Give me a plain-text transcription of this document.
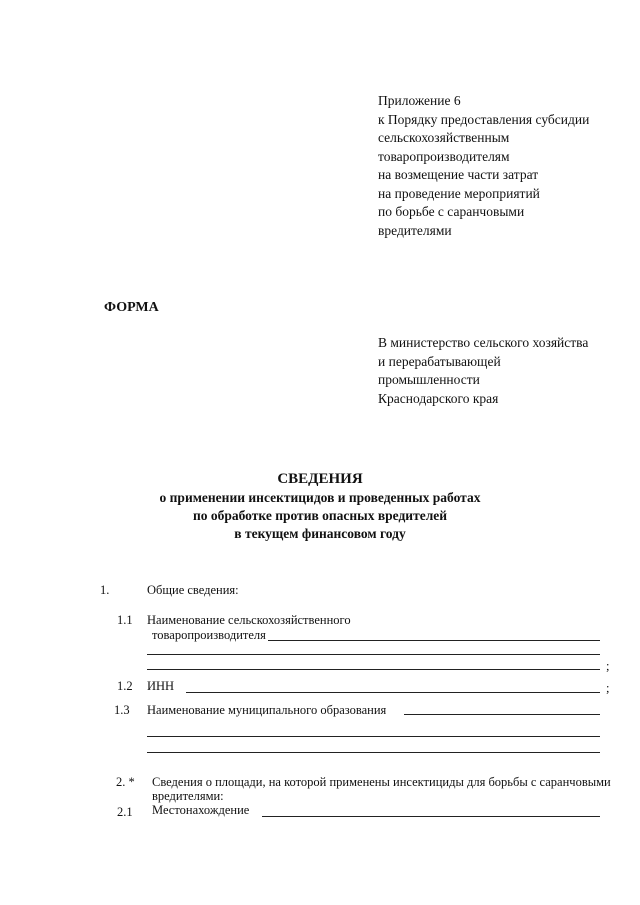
Приложение 6
к Порядку предоставления субсидии
сельскохозяйственным
товаропроизводителям
на возмещение части затрат
на проведение мероприятий
по борьбе с саранчовыми
вредителями
ФОРМА
В министерство сельского хозяйства
и перерабатывающей
промышленности
Краснодарского края
СВЕДЕНИЯ
о применении инсектицидов и проведенных работах
по обработке против опасных вредителей
в текущем финансовом году
1.	Общие сведения:
1.1 Наименование сельскохозяйственного
товаропроизводителя
;
1.2 ИНН	;
1.3 Наименование муниципального образования
2. * Сведения о площади, на которой применены инсектициды для борьбы с саранчовыми
вредителями:
2.1 Местонахождение
